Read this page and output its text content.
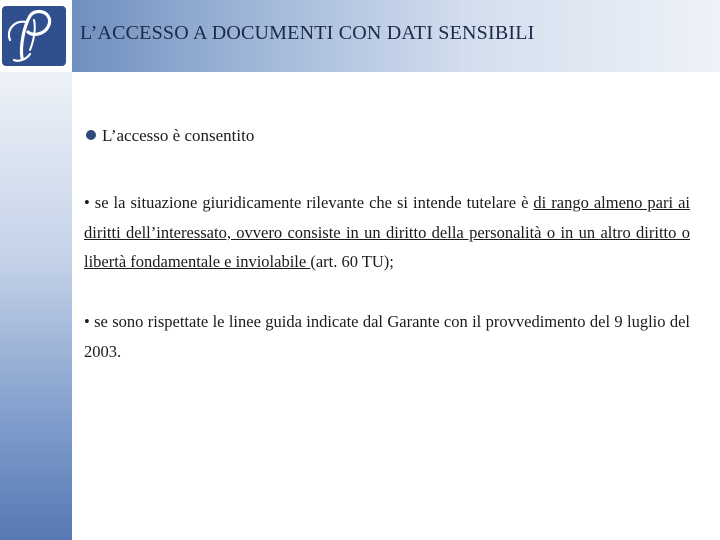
L’ACCESSO A DOCUMENTI CON DATI SENSIBILI
L’accesso è consentito
• se la situazione giuridicamente rilevante che si intende tutelare è di rango almeno pari ai diritti dell’interessato, ovvero consiste in un diritto della personalità o in un altro diritto o libertà fondamentale e inviolabile (art. 60 TU);
• se sono rispettate le linee guida indicate dal Garante con il provvedimento del 9 luglio del 2003.
